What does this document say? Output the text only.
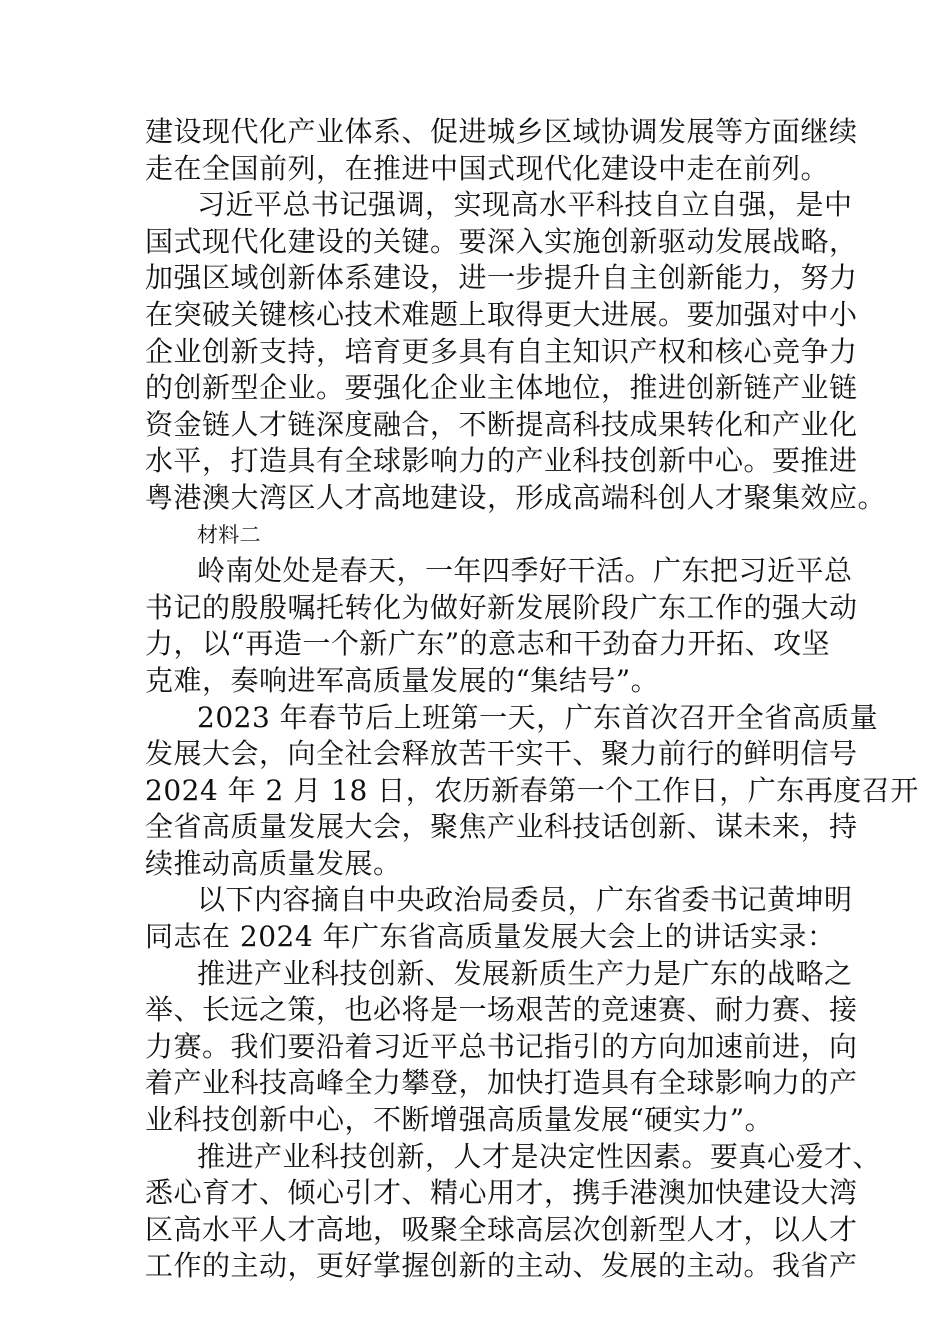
建设现代化产业体系、促进城乡区域协调发展等方面继续
走在全国前列，在推进中国式现代化建设中走在前列。
习近平总书记强调，实现高水平科技自立自强，是中
国式现代化建设的关键。要深入实施创新驱动发展战略，
加强区域创新体系建设，进一步提升自主创新能力，努力
在突破关键核心技术难题上取得更大进展。要加强对中小
企业创新支持，培育更多具有自主知识产权和核心竞争力
的创新型企业。要强化企业主体地位，推进创新链产业链
资金链人才链深度融合，不断提高科技成果转化和产业化
水平，打造具有全球影响力的产业科技创新中心。要推进
粤港澳大湾区人才高地建设，形成高端科创人才聚集效应。
材料二
岭南处处是春天，一年四季好干活。广东把习近平总
书记的殷殷嘱托转化为做好新发展阶段广东工作的强大动
力，以“再造一个新广东”的意志和干劲奋力开拓、攻坚
克难，奏响进军高质量发展的“集结号”。
2023 年春节后上班第一天，广东首次召开全省高质量
发展大会，向全社会释放苦干实干、聚力前行的鲜明信号
2024 年 2 月 18 日，农历新春第一个工作日，广东再度召开
全省高质量发展大会，聚焦产业科技话创新、谋未来，持
续推动高质量发展。
以下内容摘自中央政治局委员，广东省委书记黄坤明
同志在 2024 年广东省高质量发展大会上的讲话实录：
推进产业科技创新、发展新质生产力是广东的战略之
举、长远之策，也必将是一场艰苦的竞速赛、耐力赛、接
力赛。我们要沿着习近平总书记指引的方向加速前进，向
着产业科技高峰全力攀登，加快打造具有全球影响力的产
业科技创新中心，不断增强高质量发展“硬实力”。
推进产业科技创新，人才是决定性因素。要真心爱才、
悉心育才、倾心引才、精心用才，携手港澳加快建设大湾
区高水平人才高地，吸聚全球高层次创新型人才，以人才
工作的主动，更好掌握创新的主动、发展的主动。我省产
